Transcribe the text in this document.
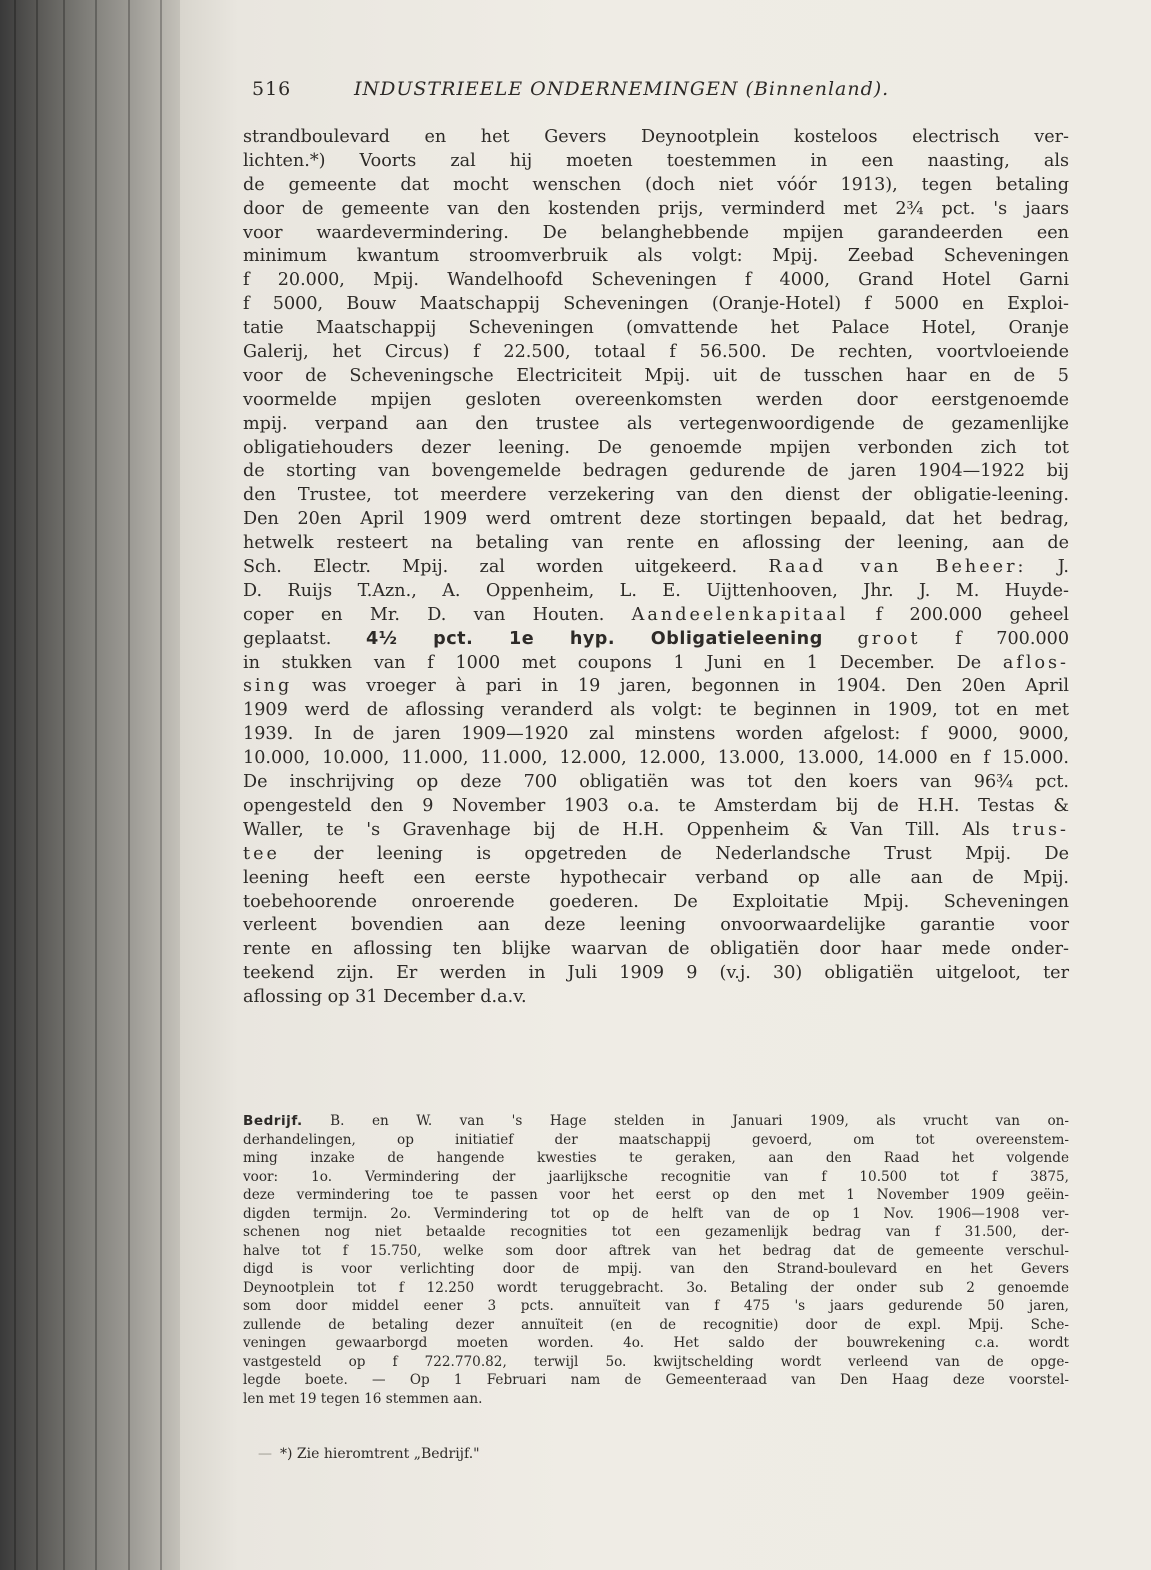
516	INDUSTRIEELE ONDERNEMINGEN (Binnenland).
strandboulevard en het Gevers Deynootplein kosteloos electrisch ver-
lichten.*) Voorts zal hij moeten toestemmen in een naasting, als
de gemeente dat mocht wenschen (doch niet vóór 1913), tegen betaling
door de gemeente van den kostenden prijs, verminderd met 2¾ pct. 's jaars
voor waardevermindering. De belanghebbende mpijen garandeerden een
minimum kwantum stroomverbruik als volgt: Mpij. Zeebad Scheveningen
f 20.000, Mpij. Wandelhoofd Scheveningen f 4000, Grand Hotel Garni
f 5000, Bouw Maatschappij Scheveningen (Oranje-Hotel) f 5000 en Exploi-
tatie Maatschappij Scheveningen (omvattende het Palace Hotel, Oranje
Galerij, het Circus) f 22.500, totaal f 56.500. De rechten, voortvloeiende
voor de Scheveningsche Electriciteit Mpij. uit de tusschen haar en de 5
voormelde mpijen gesloten overeenkomsten werden door eerstgenoemde
mpij. verpand aan den trustee als vertegenwoordigende de gezamenlijke
obligatiehouders dezer leening. De genoemde mpijen verbonden zich tot
de storting van bovengemelde bedragen gedurende de jaren 1904—1922 bij
den Trustee, tot meerdere verzekering van den dienst der obligatie-leening.
Den 20en April 1909 werd omtrent deze stortingen bepaald, dat het bedrag,
hetwelk resteert na betaling van rente en aflossing der leening, aan de
Sch. Electr. Mpij. zal worden uitgekeerd. Raad van Beheer: J.
D. Ruijs T.Azn., A. Oppenheim, L. E. Uijttenhooven, Jhr. J. M. Huyde-
coper en Mr. D. van Houten. Aandeelenkapitaal f 200.000 geheel
geplaatst. 4½ pct. 1e hyp. Obligatieleening groot f 700.000
in stukken van f 1000 met coupons 1 Juni en 1 December. De aflos-
sing was vroeger à pari in 19 jaren, begonnen in 1904. Den 20en April
1909 werd de aflossing veranderd als volgt: te beginnen in 1909, tot en met
1939. In de jaren 1909—1920 zal minstens worden afgelost: f 9000, 9000,
10.000, 10.000, 11.000, 11.000, 12.000, 12.000, 13.000, 13.000, 14.000 en f 15.000.
De inschrijving op deze 700 obligatiën was tot den koers van 96¾ pct.
opengesteld den 9 November 1903 o.a. te Amsterdam bij de H.H. Testas &
Waller, te 's Gravenhage bij de H.H. Oppenheim & Van Till. Als trus-
tee der leening is opgetreden de Nederlandsche Trust Mpij. De
leening heeft een eerste hypothecair verband op alle aan de Mpij.
toebehoorende onroerende goederen. De Exploitatie Mpij. Scheveningen
verleent bovendien aan deze leening onvoorwaardelijke garantie voor
rente en aflossing ten blijke waarvan de obligatiën door haar mede onder-
teekend zijn. Er werden in Juli 1909 9 (v.j. 30) obligatiën uitgeloot, ter
aflossing op 31 December d.a.v.
Bedrijf. B. en W. van 's Hage stelden in Januari 1909, als vrucht van on-
derhandelingen, op initiatief der maatschappij gevoerd, om tot overeenstem-
ming inzake de hangende kwesties te geraken, aan den Raad het volgende
voor: 1o. Vermindering der jaarlijksche recognitie van f 10.500 tot f 3875,
deze vermindering toe te passen voor het eerst op den met 1 November 1909 geëin-
digden termijn. 2o. Vermindering tot op de helft van de op 1 Nov. 1906—1908 ver-
schenen nog niet betaalde recognities tot een gezamenlijk bedrag van f 31.500, der-
halve tot f 15.750, welke som door aftrek van het bedrag dat de gemeente verschul-
digd is voor verlichting door de mpij. van den Strand-boulevard en het Gevers
Deynootplein tot f 12.250 wordt teruggebracht. 3o. Betaling der onder sub 2 genoemde
som door middel eener 3 pcts. annuïteit van f 475 's jaars gedurende 50 jaren,
zullende de betaling dezer annuïteit (en de recognitie) door de expl. Mpij. Sche-
veningen gewaarborgd moeten worden. 4o. Het saldo der bouwrekening c.a. wordt
vastgesteld op f 722.770.82, terwijl 5o. kwijtschelding wordt verleend van de opge-
legde boete. — Op 1 Februari nam de Gemeenteraad van Den Haag deze voorstel-
len met 19 tegen 16 stemmen aan.
— *) Zie hieromtrent „Bedrijf."
